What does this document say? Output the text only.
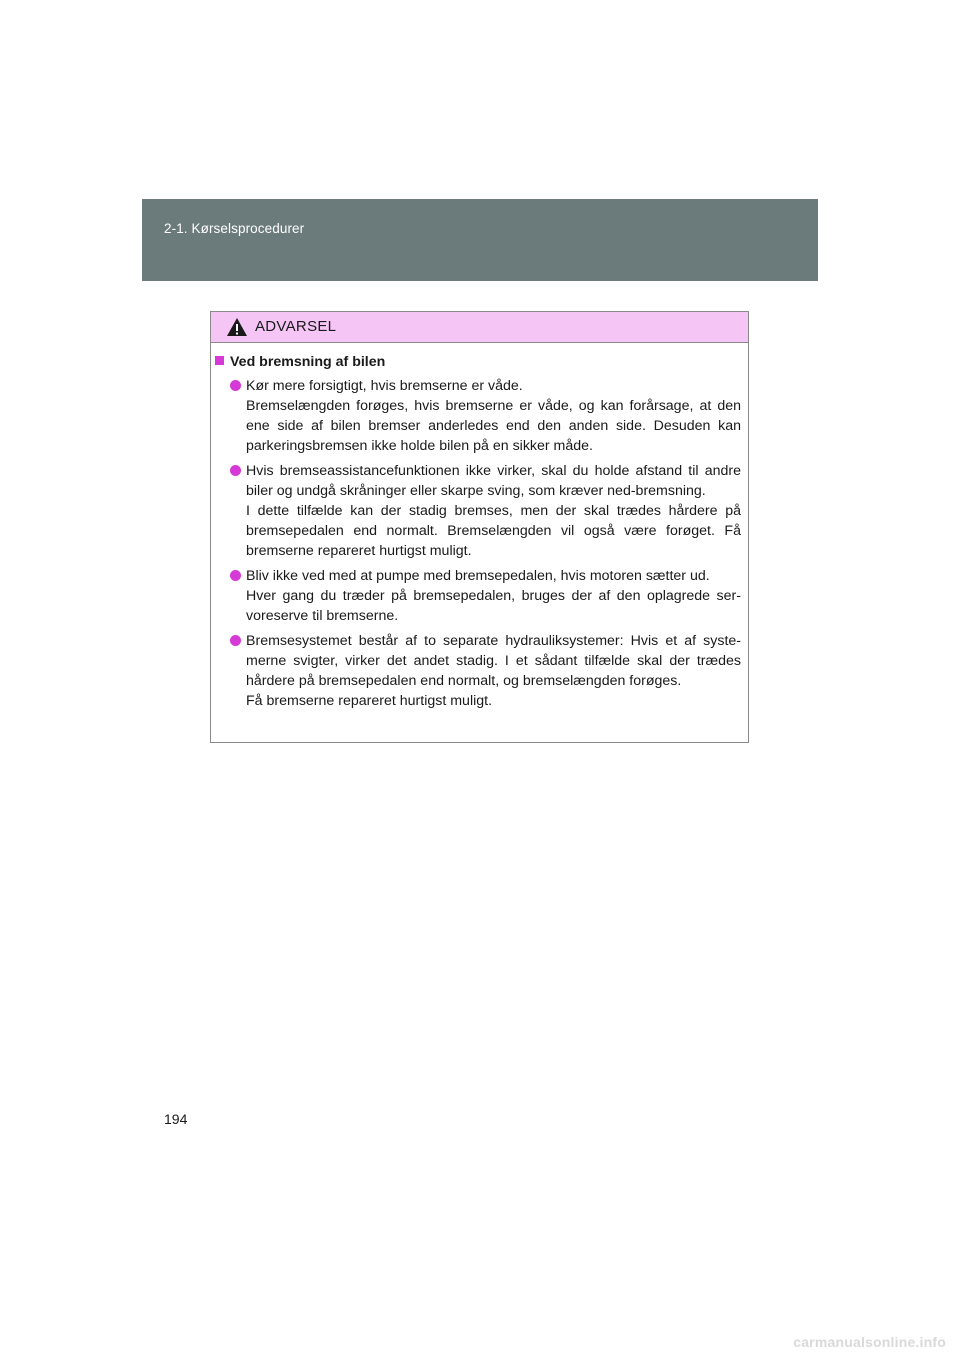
2-1. Kørselsprocedurer
ADVARSEL
Ved bremsning af bilen

Kør mere forsigtigt, hvis bremserne er våde.

Bremselængden forøges, hvis bremserne er våde, og kan forårsage, at den ene side af bilen bremser anderledes end den anden side. Desuden kan parkeringsbremsen ikke holde bilen på en sikker måde.

Hvis bremseassistancefunktionen ikke virker, skal du holde afstand til andre biler og undgå skråninger eller skarpe sving, som kræver ned-bremsning.

I dette tilfælde kan der stadig bremses, men der skal trædes hårdere på bremsepedalen end normalt. Bremselængden vil også være forøget. Få bremserne repareret hurtigst muligt.

Bliv ikke ved med at pumpe med bremsepedalen, hvis motoren sætter ud.

Hver gang du træder på bremsepedalen, bruges der af den oplagrede ser-voreserve til bremserne.

Bremsesystemet består af to separate hydrauliksystemer: Hvis et af syste-merne svigter, virker det andet stadig. I et sådant tilfælde skal der trædes hårdere på bremsepedalen end normalt, og bremselængden forøges.

Få bremserne repareret hurtigst muligt.

194
carmanualsonline.info
